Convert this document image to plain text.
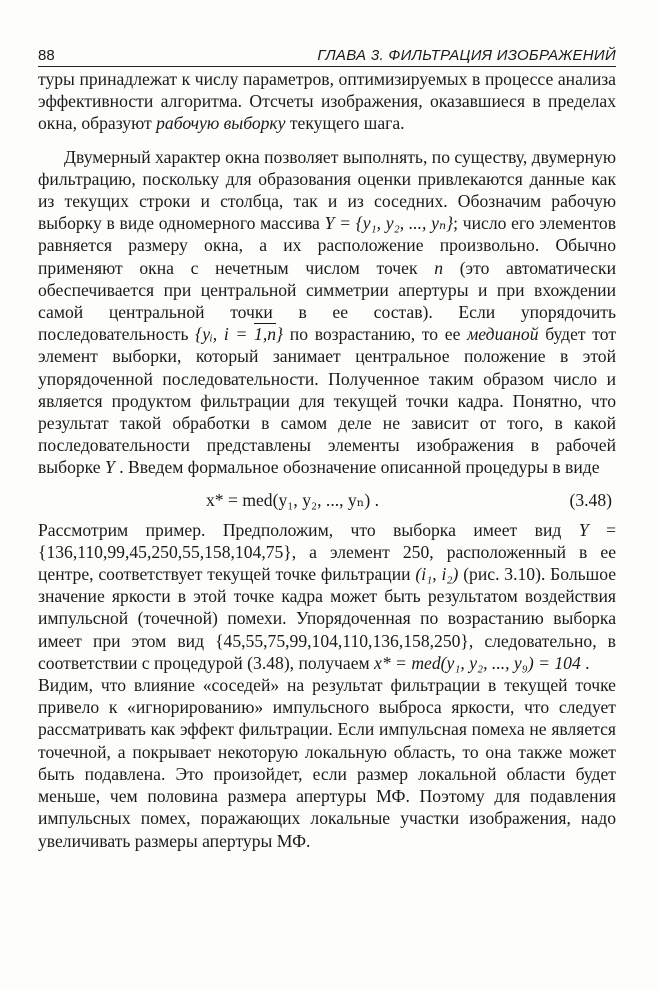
88	ГЛАВА 3. ФИЛЬТРАЦИЯ ИЗОБРАЖЕНИЙ

туры принадлежат к числу параметров, оптимизируемых в процессе анализа эффективности алгоритма. Отсчеты изображения, оказавшиеся в пределах окна, образуют рабочую выборку текущего шага.

Двумерный характер окна позволяет выполнять, по существу, двумерную фильтрацию, поскольку для образования оценки привлекаются данные как из текущих строки и столбца, так и из соседних. Обозначим рабочую выборку в виде одномерного массива Y = {y₁, y₂, ..., yₙ}; число его элементов равняется размеру окна, а их расположение произвольно. Обычно применяют окна с нечетным числом точек n (это автоматически обеспечивается при центральной симметрии апертуры и при вхождении самой центральной точки в ее состав). Если упорядочить последовательность {yᵢ, i = 1,n} по возрастанию, то ее медианой будет тот элемент выборки, который занимает центральное положение в этой упорядоченной последовательности. Полученное таким образом число и является продуктом фильтрации для текущей точки кадра. Понятно, что результат такой обработки в самом деле не зависит от того, в какой последовательности представлены элементы изображения в рабочей выборке Y . Введем формальное обозначение описанной процедуры в виде

x* = med(y₁, y₂, ..., yₙ) .	(3.48)

Рассмотрим пример. Предположим, что выборка имеет вид Y = {136,110,99,45,250,55,158,104,75}, а элемент 250, расположенный в ее центре, соответствует текущей точке фильтрации (i₁, i₂) (рис. 3.10). Большое значение яркости в этой точке кадра может быть результатом воздействия импульсной (точечной) помехи. Упорядоченная по возрастанию выборка имеет при этом вид {45,55,75,99,104,110,136,158,250}, следовательно, в соответствии с процедурой (3.48), получаем x* = med(y₁, y₂, ..., y₉) = 104 .

Видим, что влияние «соседей» на результат фильтрации в текущей точке привело к «игнорированию» импульсного выброса яркости, что следует рассматривать как эффект фильтрации. Если импульсная помеха не является точечной, а покрывает некоторую локальную область, то она также может быть подавлена. Это произойдет, если размер локальной области будет меньше, чем половина размера апертуры МФ. Поэтому для подавления импульсных помех, поражающих локальные участки изображения, надо увеличивать размеры апертуры МФ.
